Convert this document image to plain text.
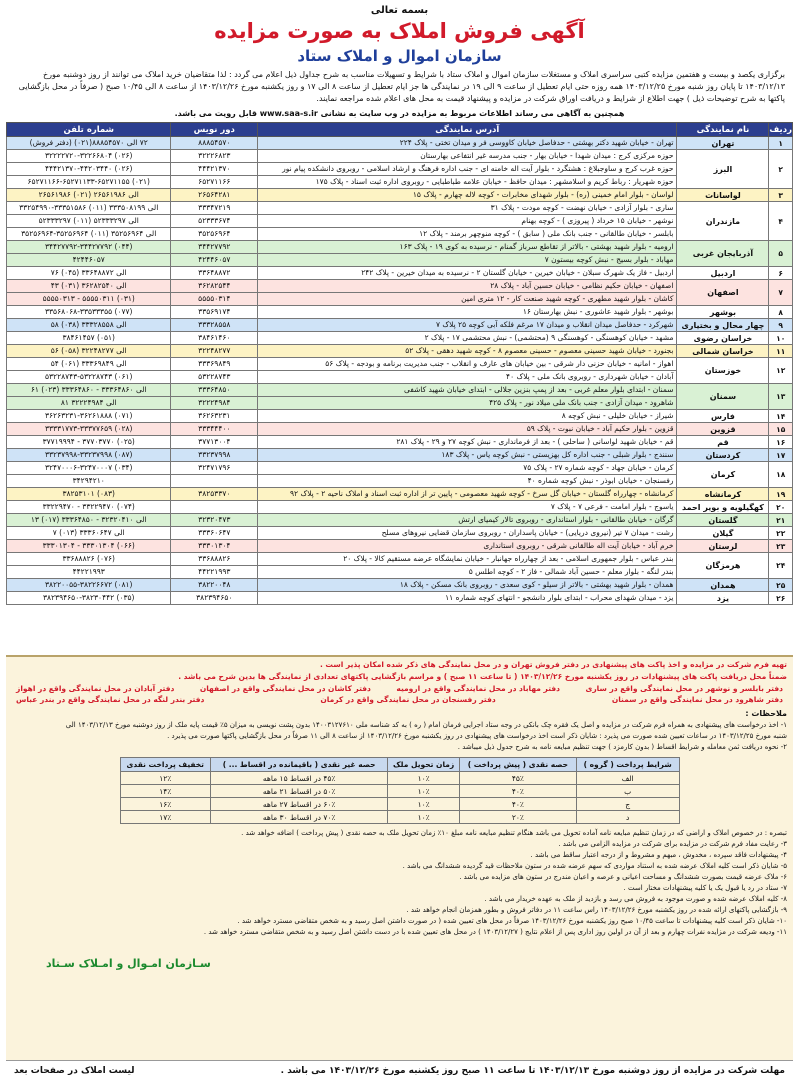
بسمه تعالی
آگهی فروش املاک به صورت مزایده
سازمان اموال و املاک ستاد
برگزاری یکصد و بیست و هفتمین مزایده کتبی سراسری املاک و مستغلات سازمان اموال و املاک ستاد با شرایط و تسهیلات مناسب به شرح جداول ذیل اعلام می گردد : لذا متقاضیان خرید املاک می توانند از روز دوشنبه مورخ
۱۴۰۳/۱۲/۱۳ تا پایان روز شنبه مورخ ۱۴۰۳/۱۲/۲۵ همه روزه حتی ایام تعطیل از ساعت ۹ الی ۱۹ در نمایندگی ها جز ایام تعطیل از ساعت ۸ الی ۱۷ و روز یکشنبه مورخ ۱۴۰۳/۱۲/۲۶ از ساعت ۸ الی ۱۰/۴۵ صبح ( صرفاً در محل بازگشایی
پاکتها به شرح توضیحات ذیل ) جهت اطلاع از شرایط و دریافت اوراق شرکت در مزایده و پیشنهاد قیمت به محل های اعلام شده مراجعه نمایند.
همچنین به آگاهی می رساند اطلاعات مربوط به مزایده در وب سایت به نشانی www.saa-s.ir قابل رویت می باشد.
ردیف	نام نمایندگی	آدرس نمایندگی	دور نویس	شماره تلفن
۱	تهران	تهران - خیابان شهید دکتر بهشتی - حدفاصل خیابان کاووسی فر و میدان تختی - پلاک ۲۲۴	۸۸۸۵۴۵۷۰	(دفتر فروش) ۷۲ الی ۸۸۸۵۴۵۷۰(۰۲۱)
۲	البرز	حوزه مرکزی کرج : میدان شهدا - خیابان بهار - جنب مدرسه غیر انتفاعی بهارستان	۳۲۲۲۶۸۲۳	۳۲۲۲۲۷۲۰-۳۲۲۶۶۸۰۴ (۰۲۶)
		حوزه غرب کرج و ساوجبلاغ : هشتگرد - بلوار آیت اله خامنه ای - جنب اداره فرهنگ و ارشاد اسلامی - روبروی دانشکده پیام نور	۴۴۴۲۱۳۷۰	۴۴۴۲۱۳۷۰-۴۴۲۰۳۴۴۰ (۰۲۶)
		حوزه شهریار : رباط کریم و اسلامشهر : میدان حافظ - خیابان علامه طباطبایی - روبروی اداره ثبت اسناد - پلاک ۱۷۵	۶۵۲۷۱۱۶۶	۶۵۲۷۱۱۶۶-۶۵۲۷۱۱۳۳-۶۵۲۷۱۱۵۵ (۰۲۱)
۳	لواسانات	لواسان - بلوار امام خمینی (ره) - بلوار شهدای مخابرات - کوچه لاله چهارم - پلاک ۱۵	۲۶۵۶۴۲۸۱	۲۶۵۶۱۹۸۶ الی ۲۶۵۶۱۹۸۶ (۰۲۱)
۴	مازندران	ساری - بلوار آزادی - خیابان نهضت - کوچه مودت - پلاک ۳۱	۳۳۳۴۷۲۱۹	۳۳۲۵۴۹۹۰-۳۳۳۵۱۵۸۶ الی ۳۳۳۵۰۸۱۹۹ (۰۱۱)
		نوشهر - خیابان ۱۵ خرداد ( پیروزی ) - کوچه بهنام	۵۲۳۳۳۶۷۴	۵۲۳۳۳۲۹۷ الی ۵۲۳۳۳۲۹۷ (۰۱۱)
		بابلسر - خیابان طالقانی - جنب بانک ملی ( سابق ) - کوچه منوچهر برمند - پلاک ۱۲	۳۵۲۵۶۹۶۴	۳۵۲۵۶۹۶۴-۳۵۲۵۶۹۶۴ الی ۳۵۲۵۶۹۶۴ (۰۱۱)
۵	آذربایجان غربی	ارومیه - بلوار شهید بهشتی - بالاتر از تقاطع سرباز گمنام - نرسیده به کوی ۱۹ - پلاک ۱۶۳	۳۴۴۲۷۷۹۲	۳۴۴۲۷۷۹۲-۳۴۴۲۷۷۹۲ (۰۴۴)
		مهاباد - بلوار بسیج - نبش کوچه بیستون ۷	۴۲۴۴۶۰۵۷	۴۲۴۴۶۰۵۷
۶	اردبیل	اردبیل - فاز یک شهرک سبلان - خیابان خیرین - خیابان گلستان ۲ - نرسیده به میدان خیرین - پلاک ۲۴۲	۳۳۶۴۸۸۷۲	۷۶ الی ۳۳۶۴۸۸۷۲ (۰۴۵)
۷	اصفهان	اصفهان - خیابان حکیم نظامی - خیابان حسین آباد - پلاک ۲۸	۳۶۲۸۲۵۴۴	۴۳ الی ۳۶۲۸۲۵۴۰ (۰۳۱)
		کاشان - بلوار شهید مطهری - کوچه شهید صنعت کار - ۱۲ متری امین	۵۵۵۵۰۳۱۴	۵۵۵۵۰۳۱۳ - ۵۵۵۵۰۳۱۱ (۰۳۱)
۸	بوشهر	بوشهر - بلوار شهید عاشوری - نبش بهارستان ۱۶	۳۳۵۶۹۱۷۴	۳۳۵۶۸۰۶۸-۳۳۵۳۳۳۵۵ (۰۷۷)
۹	چهار محال و بختیاری	شهرکرد - حدفاصل میدان انقلاب و میدان ۱۷ مرغم فلکه آبی کوچه ۲۵ پلاک ۷	۳۳۳۲۸۵۵۸	۵۸ الی ۳۳۳۲۸۵۵۸ (۰۳۸)
۱۰	خراسان رضوی	مشهد - خیابان کوهسنگی - کوهسنگی ۹ (محتشمی) - نبش محتشمی ۱۷ - پلاک ۲	۳۸۴۶۱۴۶۰	۳۸۴۶۱۴۵۷ (۰۵۱)
۱۱	خراسان شمالی	بجنورد - خیابان شهید حسینی معصوم - حسینی معصوم ۸ - کوچه شهید دهقی - پلاک ۵۲	۳۲۲۴۸۲۷۷	۵۶ الی ۳۲۲۴۸۲۷۷ (۰۵۸)
۱۲	خوزستان	اهواز - امانیه - خیابان حزنی دار شرقی - بین خیابان های عارف و انقلاب - جنب مدیریت برنامه و بودجه - پلاک ۵۶	۳۳۳۶۹۸۴۹	۵۴ الی ۳۳۳۶۹۸۴۹ (۰۶۱)
		آبادان - خیابان شهرداری - روبروی بانک ملی - پلاک ۴۰	۵۳۲۲۸۷۴۳	۵۳۲۲۸۷۴۳-۵۳۲۲۸۷۴۳ (۰۶۱)
۱۳	سمنان	سمنان - ابتدای بلوار معلم غربی - بعد از پمپ بنزین جلالی - ابتدای خیابان شهید کاشفی	۳۳۳۶۴۸۵۰	۶۱ الی ۳۳۳۶۴۸۶۰ - ۳۳۳۶۴۸۶۰ (۰۲۳)
		شاهرود - میدان آزادی - جنب بانک ملی میلاد نور - پلاک ۴۲۵	۳۲۲۲۴۹۸۴	۸۱ الی ۳۲۲۲۴۹۸۴
۱۴	فارس	شیراز - خیابان خلیلی - نبش کوچه ۸	۳۶۲۶۳۲۳۱	۳۶۲۶۳۲۳۱-۳۶۲۶۱۸۸۸ (۰۷۱)
۱۵	قزوین	قزوین - بلوار حکیم آباد - خیابان نبوت - پلاک ۵۹	۳۳۳۴۴۴۰۰	۳۳۳۳۱۷۷۳-۳۳۳۷۷۶۵۹ (۰۲۸)
۱۶	قم	قم - خیابان شهید لواسانی ( ساحلی ) - بعد از فرمانداری - نبش کوچه ۲۷ و ۲۹ - پلاک ۲۸۱	۳۷۷۱۳۰۰۴	۳۷۷۱۹۹۹۴ - ۳۷۷۰۳۷۷۰ (۰۲۵)
۱۷	کردستان	سنندج - بلوار شبلی - جنب اداره کل بهزیستی - نبش کوچه یاس - پلاک ۱۸۳	۳۳۲۳۷۹۹۸	۳۳۲۳۷۹۹۸-۳۳۲۳۷۹۹۸ (۰۸۷)
۱۸	کرمان	کرمان - خیابان جهاد - کوچه شماره ۲۷ - پلاک ۷۵	۳۲۴۷۱۷۹۶	۳۲۴۷۰۰۰۶-۳۲۴۷۰۰۰۷ (۰۳۴)
		رفسنجان - خیابان ابوذر - نبش کوچه شماره ۴۰		۳۴۲۹۴۲۱۰
۱۹	کرمانشاه	کرمانشاه - چهارراه گلستان - خیابان گل سرخ - کوچه شهید معصومی - پایین تر از اداره ثبت اسناد و املاک ناحیه ۲ - پلاک ۹۲	۳۸۲۵۳۳۷۰	۳۸۲۵۳۱۰۱ (۰۸۳)
۲۰	کهگیلویه و بویر احمد	یاسوج - بلوار امامت - فرعی ۷ - پلاک ۷		۳۳۲۲۹۴۷۰ - ۳۳۲۲۹۴۷۰ (۰۷۴)
۲۱	گلستان	گرگان - خیابان طالقانی - بلوار استانداری - روبروی تالار کیمیای ارتش	۳۲۳۲۰۴۷۳	۱۳ الی ۳۲۳۲۰۴۱۰ - ۳۳۳۶۴۸۵۰ (۰۱۷)
۲۲	گیلان	رشت - میدان ۷ تیر (نیروی دریایی) - خیابان پاسداران - روبروی سازمان قضایی نیروهای مسلح	۳۳۳۶۰۶۴۷	۷ الی ۳۳۳۶۰۶۴۷ (۰۱۳)
۲۳	لرستان	خرم آباد - خیابان آیت اله طالقانی شرقی - روبروی استانداری	۳۳۳۰۱۳۰۴	۳۳۳۰۱۳۰۴ - ۳۳۳۰۱۳۰۴ (۰۶۶)
۲۴	هرمزگان	بندر عباس - بلوار جمهوری اسلامی - بعد از چهارراه جهانبار - خیابان نمایشگاه عرضه مستقیم کالا - پلاک ۲۰	۳۳۶۸۸۸۲۶	۳۳۶۸۸۸۲۶ (۰۷۶)
		بندر لنگه - بلوار معلم - حسین آباد شمالی - فاز ۲ - کوچه اطلس ۵	۴۴۲۲۱۹۹۳	۴۴۲۲۱۹۹۳
۲۵	همدان	همدان - بلوار شهید بهشتی - بالاتر از سیلو - کوی سعدی - روبروی بانک مسکن - پلاک ۱۸	۳۸۲۲۰۰۴۸	۳۸۲۲۰۰۵۵-۳۸۲۲۶۶۷۲ (۰۸۱)
۲۶	یزد	یزد - میدان شهدای محراب - ابتدای بلوار دانشجو - انتهای کوچه شماره ۱۱	۳۸۲۳۹۴۶۵۰	۳۸۲۳۹۴۶۵۰-۳۸۲۳۰۴۴۲ (۰۳۵)
تهیه فرم شرکت در مزایده و اخذ پاکت های پیشنهادی در دفتر فروش تهران و در محل نمایندگی های ذکر شده امکان پذیر است .
ضمناً محل دریافت پاکت های پیشنهادات در روز یکشنبه مورخ ۱۴۰۳/۱۲/۲۶ ( تا ساعت ۱۱ صبح ) و مراسم بازگشایی پاکتهای تعدادی از نمایندگی ها بدین شرح می باشد .
دفتر بابلسر و نوشهر در محل نمایندگی واقع در ساری
دفتر مهاباد در محل نمایندگی واقع در ارومیه
دفتر کاشان در محل نمایندگی واقع در اصفهان
دفتر آبادان در محل نمایندگی واقع در اهواز
دفتر شاهرود در محل نمایندگی واقع در سمنان
دفتر رفسنجان در محل نمایندگی واقع در کرمان
دفتر بندر لنگه در محل نمایندگی واقع در بندر عباس
ملاحظات :
۱- اخذ درخواست های پیشنهادی به همراه فرم شرکت در مزایده و اصل یک فقره چک بانکی در وجه ستاد اجرایی فرمان امام ( ره ) به کد شناسه ملی ۱۴۰۰۳۱۲۷۶۱۰ بدون پشت نویسی به میزان ۵٪ قیمت پایه ملک از روز دوشنبه مورخ ۱۴۰۳/۱۲/۱۳ الی
شنبه مورخ ۱۴۰۳/۱۲/۲۵ در ساعات تعیین شده صورت می پذیرد : شایان ذکر است اخذ درخواست های پیشنهادی در روز یکشنبه مورخ ۱۴۰۳/۱۲/۲۶ از ساعت ۸ الی ۱۱ صرفاً در محل بازگشایی پاکتها صورت می پذیرد .
۲- نحوه دریافت ثمن معامله و شرایط اقساط ( بدون کارمزد ) جهت تنظیم مبایعه نامه به شرح جدول ذیل میباشد .
شرایط پرداخت ( گروه )	حصه نقدی ( پیش پرداخت )	زمان تحویل ملک	حصه غیر نقدی ( باقیمانده در اقساط ... )	تخفیف پرداخت نقدی
الف	۴۵٪	۱۰٪	۴۵٪ در اقساط ۱۵ ماهه	۱۲٪
ب	۴۰٪	۱۰٪	۵۰٪ در اقساط ۲۱ ماهه	۱۴٪
ج	۴۰٪	۱۰٪	۶۰٪ در اقساط ۲۷ ماهه	۱۶٪
د	۲۰٪	۱۰٪	۷۰٪ در اقساط ۳۰ ماهه	۱۷٪
تبصره : در خصوص املاک و اراضی که در زمان تنظیم مبایعه نامه آماده تحویل می باشد هنگام تنظیم مبایعه نامه مبلغ ۱۰٪ زمان تحویل ملک به حصه نقدی ( پیش پرداخت ) اضافه خواهد شد .
۳- رعایت مفاد فرم شرکت در مزایده برای شرکت در مزایده الزامی می باشد .
۴- پیشنهادات فاقد سپرده ، مخدوش ، مبهم و مشروط و از درجه اعتبار ساقط می باشد .
۵- شایان ذکر است کلیه املاک عرضه شده به استناد مواردی که سهم عرضه شده در ستون ملاحظات قید گردیده ششدانگ می باشد .
۶- ملاک عرضه قیمت بصورت ششدانگ و مساحت اعیانی و عرصه و اعیان مندرج در ستون های مزایده می باشد .
۷- ستاد در رد یا قبول یک یا کلیه پیشنهادات مختار است .
۸- کلیه املاک عرضه شده و صورت موجود به فروش می رسد و بازدید از ملک به عهده خریدار می باشد .
۹- بازگشایی پاکتهای ارائه شده در روز یکشنبه مورخ ۱۴۰۳/۱۲/۲۶ راس ساعت ۱۱ در دفاتر فروش و بطور همزمان انجام خواهد شد .
۱۰- شایان ذکر است کلیه پیشنهادات تا ساعت ۱۰/۴۵ صبح روز یکشنبه مورخ ۱۴۰۳/۱۲/۲۶ صرفاً در محل های تعیین شده ( در صورت داشتن اصل رسید و به شخص متقاضی مسترد خواهد شد .
۱۱- ودیعه شرکت در مزایده نفرات چهارم و بعد از آن در اولین روز اداری پس از اعلام نتایج ( ۱۴۰۳/۱۲/۲۷ ) در محل های تعیین شده با در دست داشتن اصل رسید و به شخص متقاضی مسترد خواهد شد .
سـازمان امـوال و امـلاک سـتاد
مهلت شرکت در مزایده از روز دوشنبه مورخ ۱۴۰۳/۱۲/۱۳ تا ساعت ۱۱ صبح روز یکشنبه مورخ ۱۴۰۳/۱۲/۲۶ می باشد .
لیست املاک در صفحات بعد
